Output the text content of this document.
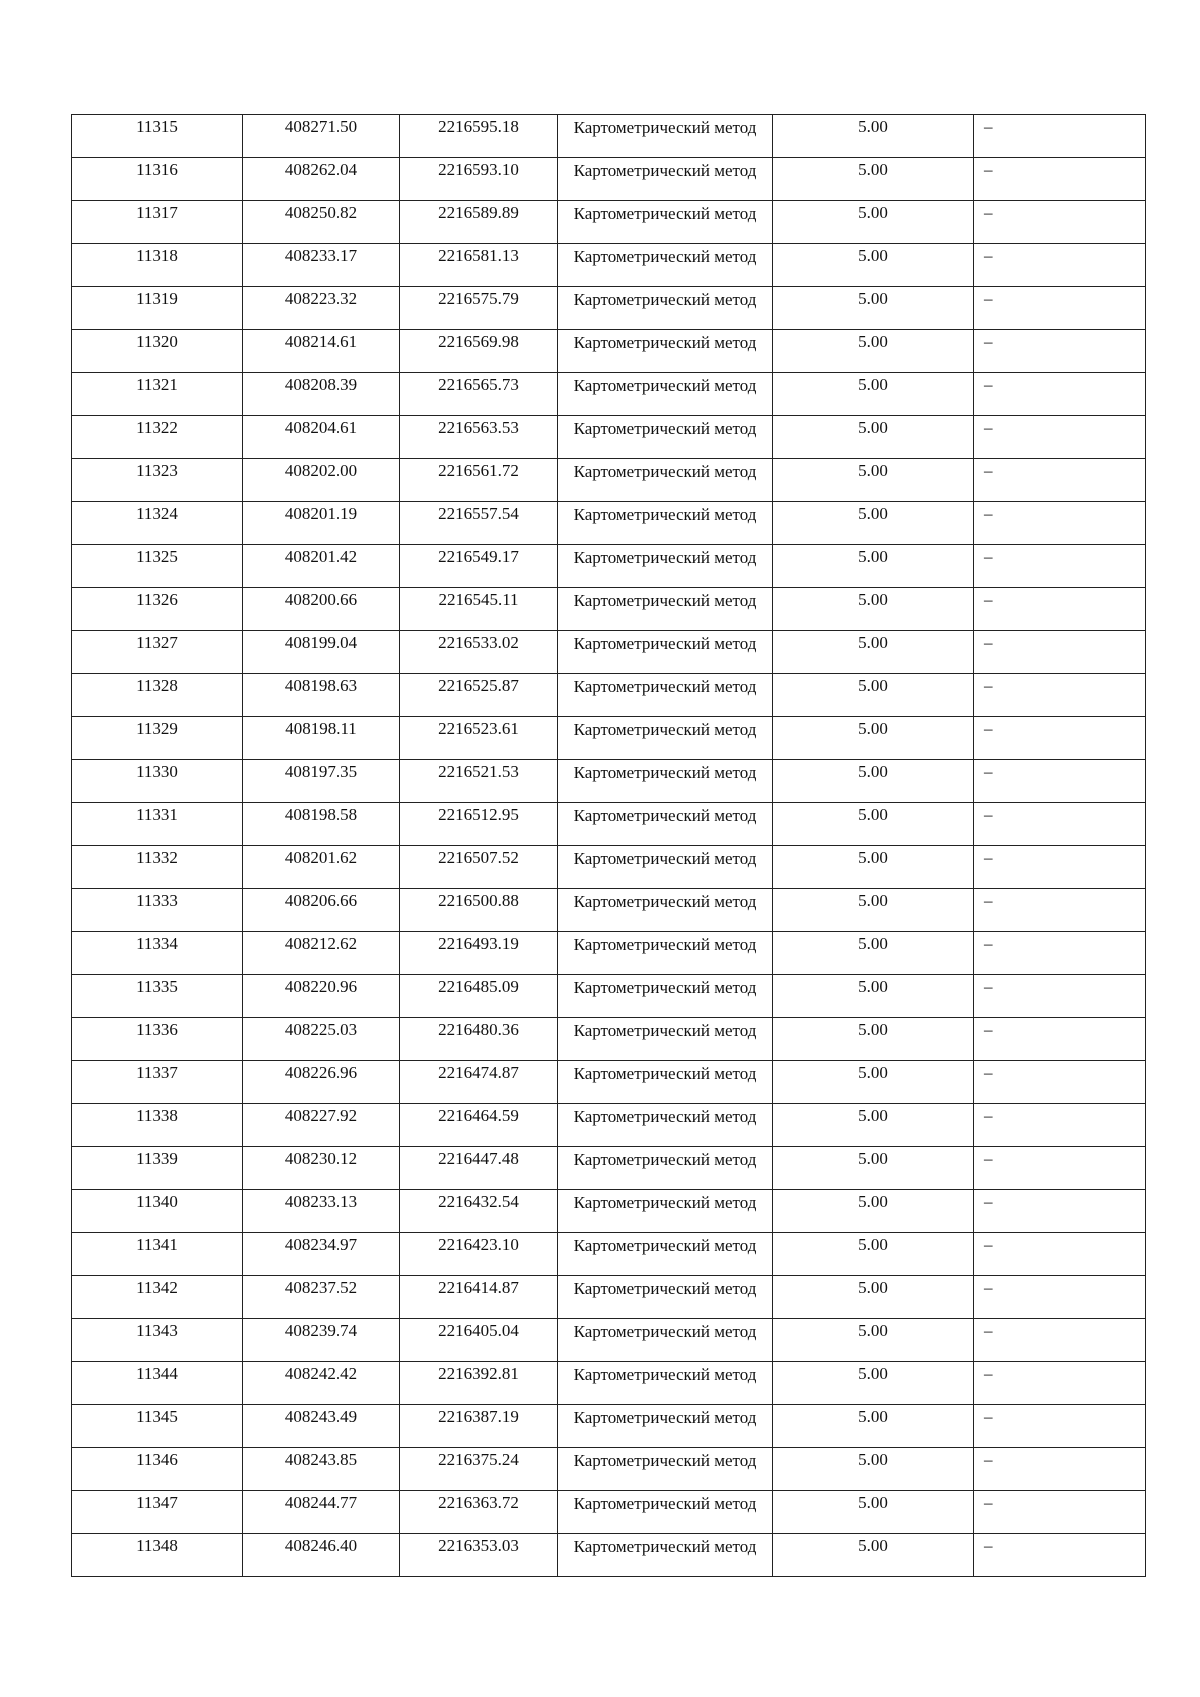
11315	408271.50	2216595.18	Картометрический метод	5.00	–

11316	408262.04	2216593.10	Картометрический метод	5.00	–

11317	408250.82	2216589.89	Картометрический метод	5.00	–

11318	408233.17	2216581.13	Картометрический метод	5.00	–

11319	408223.32	2216575.79	Картометрический метод	5.00	–

11320	408214.61	2216569.98	Картометрический метод	5.00	–

11321	408208.39	2216565.73	Картометрический метод	5.00	–

11322	408204.61	2216563.53	Картометрический метод	5.00	–

11323	408202.00	2216561.72	Картометрический метод	5.00	–

11324	408201.19	2216557.54	Картометрический метод	5.00	–

11325	408201.42	2216549.17	Картометрический метод	5.00	–

11326	408200.66	2216545.11	Картометрический метод	5.00	–

11327	408199.04	2216533.02	Картометрический метод	5.00	–

11328	408198.63	2216525.87	Картометрический метод	5.00	–

11329	408198.11	2216523.61	Картометрический метод	5.00	–

11330	408197.35	2216521.53	Картометрический метод	5.00	–

11331	408198.58	2216512.95	Картометрический метод	5.00	–

11332	408201.62	2216507.52	Картометрический метод	5.00	–

11333	408206.66	2216500.88	Картометрический метод	5.00	–

11334	408212.62	2216493.19	Картометрический метод	5.00	–

11335	408220.96	2216485.09	Картометрический метод	5.00	–

11336	408225.03	2216480.36	Картометрический метод	5.00	–

11337	408226.96	2216474.87	Картометрический метод	5.00	–

11338	408227.92	2216464.59	Картометрический метод	5.00	–

11339	408230.12	2216447.48	Картометрический метод	5.00	–

11340	408233.13	2216432.54	Картометрический метод	5.00	–

11341	408234.97	2216423.10	Картометрический метод	5.00	–

11342	408237.52	2216414.87	Картометрический метод	5.00	–

11343	408239.74	2216405.04	Картометрический метод	5.00	–

11344	408242.42	2216392.81	Картометрический метод	5.00	–

11345	408243.49	2216387.19	Картометрический метод	5.00	–

11346	408243.85	2216375.24	Картометрический метод	5.00	–

11347	408244.77	2216363.72	Картометрический метод	5.00	–

11348	408246.40	2216353.03	Картометрический метод	5.00	–
